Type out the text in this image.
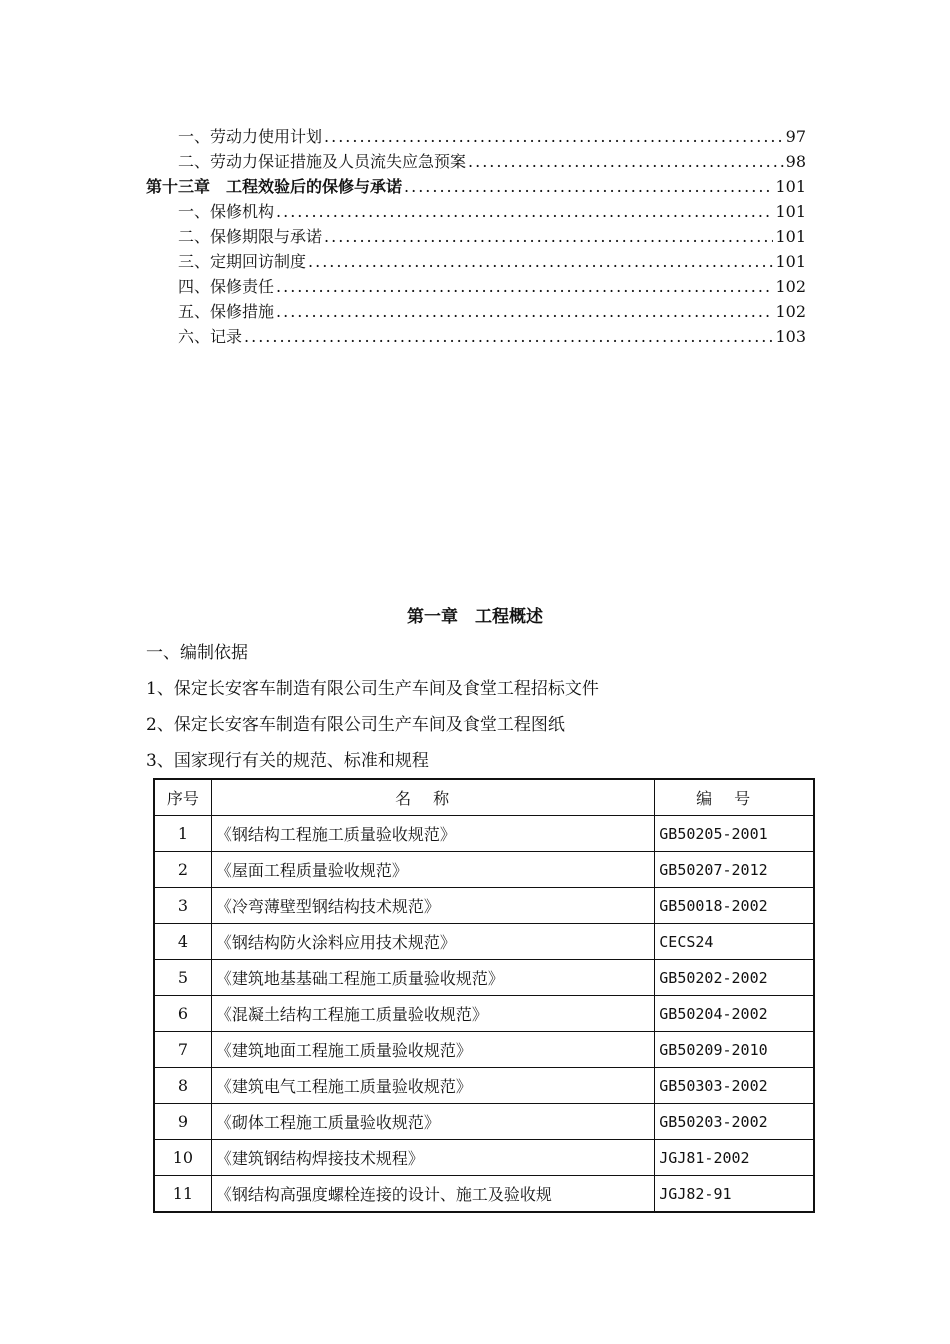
一、劳动力使用计划 .....	97
二、劳动力保证措施及人员流失应急预案 .....	98
第十三章　工程效验后的保修与承诺 .....	101
一、保修机构 .....	101
二、保修期限与承诺 .....	101
三、定期回访制度 .....	101
四、保修责任 .....	102
五、保修措施 .....	102
六、记录 .....	103
第一章　工程概述
一、编制依据
1、保定长安客车制造有限公司生产车间及食堂工程招标文件
2、保定长安客车制造有限公司生产车间及食堂工程图纸
3、国家现行有关的规范、标准和规程
序号	名称	编号
1	《钢结构工程施工质量验收规范》	GB50205-2001
2	《屋面工程质量验收规范》	GB50207-2012
3	《冷弯薄壁型钢结构技术规范》	GB50018-2002
4	《钢结构防火涂料应用技术规范》	CECS24
5	《建筑地基基础工程施工质量验收规范》	GB50202-2002
6	《混凝土结构工程施工质量验收规范》	GB50204-2002
7	《建筑地面工程施工质量验收规范》	GB50209-2010
8	《建筑电气工程施工质量验收规范》	GB50303-2002
9	《砌体工程施工质量验收规范》	GB50203-2002
10	《建筑钢结构焊接技术规程》	JGJ81-2002
11	《钢结构高强度螺栓连接的设计、施工及验收规	JGJ82-91
